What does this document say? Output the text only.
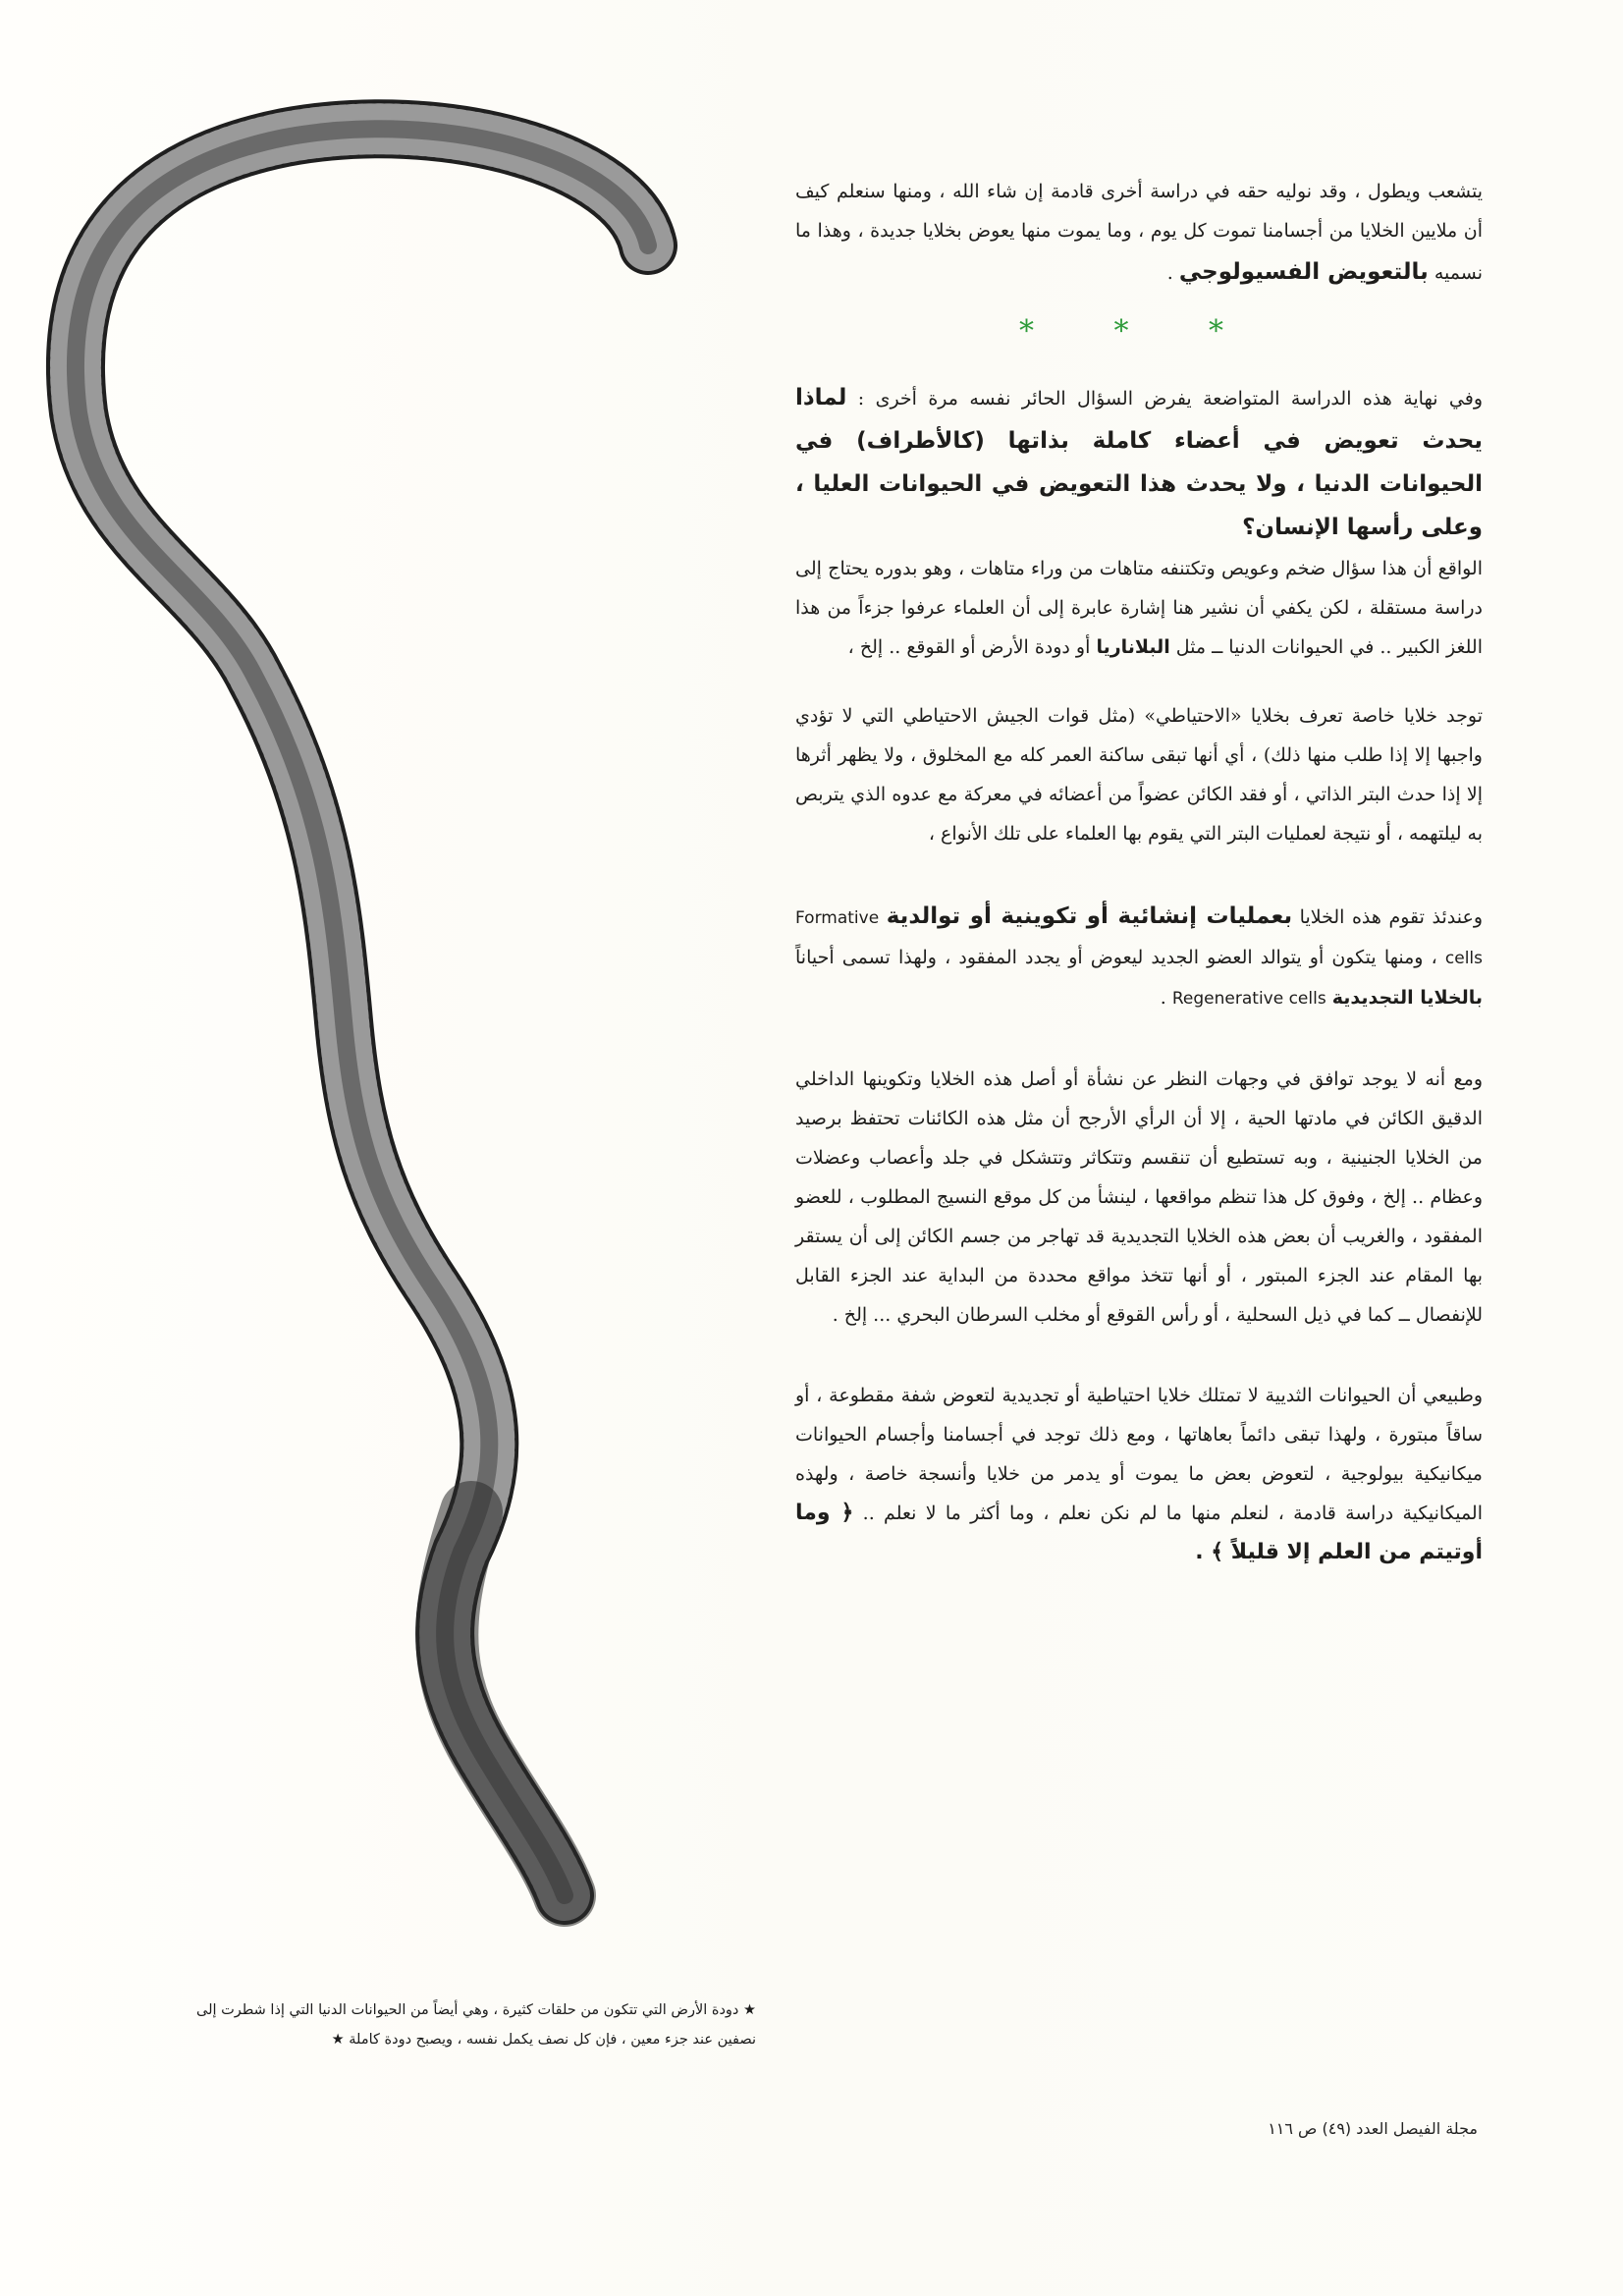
يتشعب ويطول ، وقد نوليه حقه في دراسة أخرى قادمة إن شاء الله ، ومنها سنعلم كيف أن ملايين الخلايا من أجسامنا تموت كل يوم ، وما يموت منها يعوض بخلايا جديدة ، وهذا ما نسميه بالتعويض الفسيولوجي .

* * *

وفي نهاية هذه الدراسة المتواضعة يفرض السؤال الحائر نفسه مرة أخرى : لماذا يحدث تعويض في أعضاء كاملة بذاتها (كالأطراف) في الحيوانات الدنيا ، ولا يحدث هذا التعويض في الحيوانات العليا ، وعلى رأسها الإنسان؟

الواقع أن هذا سؤال ضخم وعويص وتكتنفه متاهات من وراء متاهات ، وهو بدوره يحتاج إلى دراسة مستقلة ، لكن يكفي أن نشير هنا إشارة عابرة إلى أن العلماء عرفوا جزءاً من هذا اللغز الكبير .. في الحيوانات الدنيا ــ مثل البلاناريا أو دودة الأرض أو القوقع .. إلخ ،

توجد خلايا خاصة تعرف بخلايا «الاحتياطي» (مثل قوات الجيش الاحتياطي التي لا تؤدي واجبها إلا إذا طلب منها ذلك) ، أي أنها تبقى ساكنة العمر كله مع المخلوق ، ولا يظهر أثرها إلا إذا حدث البتر الذاتي ، أو فقد الكائن عضواً من أعضائه في معركة مع عدوه الذي يتربص به ليلتهمه ، أو نتيجة لعمليات البتر التي يقوم بها العلماء على تلك الأنواع ،

وعندئذ تقوم هذه الخلايا بعمليات إنشائية أو تكوينية أو توالدية Formative cells ، ومنها يتكون أو يتوالد العضو الجديد ليعوض أو يجدد المفقود ، ولهذا تسمى أحياناً بالخلايا التجديدية Regenerative cells .

ومع أنه لا يوجد توافق في وجهات النظر عن نشأة أو أصل هذه الخلايا وتكوينها الداخلي الدقيق الكائن في مادتها الحية ، إلا أن الرأي الأرجح أن مثل هذه الكائنات تحتفظ برصيد من الخلايا الجنينية ، وبه تستطيع أن تنقسم وتتكاثر وتتشكل في جلد وأعصاب وعضلات وعظام .. إلخ ، وفوق كل هذا تنظم مواقعها ، لينشأ من كل موقع النسيج المطلوب ، للعضو المفقود ، والغريب أن بعض هذه الخلايا التجديدية قد تهاجر من جسم الكائن إلى أن يستقر بها المقام عند الجزء المبتور ، أو أنها تتخذ مواقع محددة من البداية عند الجزء القابل للإنفصال ــ كما في ذيل السحلية ، أو رأس القوقع أو مخلب السرطان البحري ... إلخ .

وطبيعي أن الحيوانات الثديية لا تمتلك خلايا احتياطية أو تجديدية لتعوض شفة مقطوعة ، أو ساقاً مبتورة ، ولهذا تبقى دائماً بعاهاتها ، ومع ذلك توجد في أجسامنا وأجسام الحيوانات ميكانيكية بيولوجية ، لتعوض بعض ما يموت أو يدمر من خلايا وأنسجة خاصة ، ولهذه الميكانيكية دراسة قادمة ، لنعلم منها ما لم نكن نعلم ، وما أكثر ما لا نعلم .. ﴿ وما أوتيتم من العلم إلا قليلاً ﴾ .

★ دودة الأرض التي تتكون من حلقات كثيرة ، وهي أيضاً من الحيوانات الدنيا التي إذا شطرت إلى
نصفين عند جزء معين ، فإن كل نصف يكمل نفسه ، ويصبح دودة كاملة ★
مجلة الفيصل العدد (٤٩) ص ١١٦
